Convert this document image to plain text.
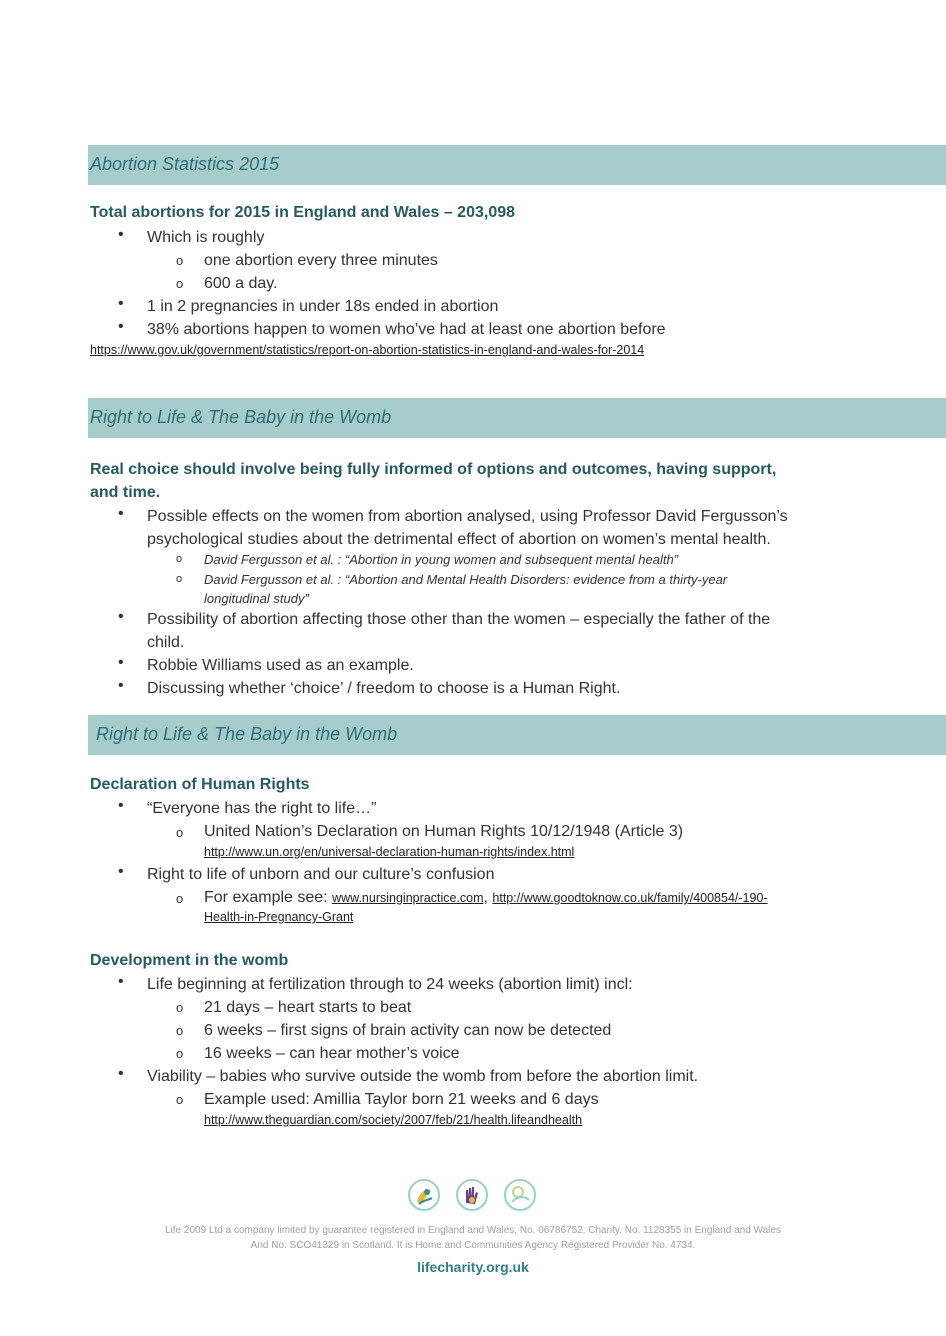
Abortion Statistics 2015
Total abortions for 2015 in England and Wales – 203,098
• Which is roughly
o one abortion every three minutes
o 600 a day.
• 1 in 2 pregnancies in under 18s ended in abortion
• 38% abortions happen to women who’ve had at least one abortion before
https://www.gov.uk/government/statistics/report-on-abortion-statistics-in-england-and-wales-for-2014
Right to Life & The Baby in the Womb
Real choice should involve being fully informed of options and outcomes, having support,
and time.
• Possible effects on the women from abortion analysed, using Professor David Fergusson’s
psychological studies about the detrimental effect of abortion on women’s mental health.
o David Fergusson et al. : “Abortion in young women and subsequent mental health”
o David Fergusson et al. : “Abortion and Mental Health Disorders: evidence from a thirty-year
longitudinal study”
• Possibility of abortion affecting those other than the women – especially the father of the
child.
• Robbie Williams used as an example.
• Discussing whether ‘choice’ / freedom to choose is a Human Right.
Right to Life & The Baby in the Womb
Declaration of Human Rights
• “Everyone has the right to life…”
o United Nation’s Declaration on Human Rights 10/12/1948 (Article 3)
http://www.un.org/en/universal-declaration-human-rights/index.html
• Right to life of unborn and our culture’s confusion
o For example see: www.nursinginpractice.com, http://www.goodtoknow.co.uk/family/400854/-190-
Health-in-Pregnancy-Grant
Development in the womb
• Life beginning at fertilization through to 24 weeks (abortion limit) incl:
o 21 days – heart starts to beat
o 6 weeks – first signs of brain activity can now be detected
o 16 weeks – can hear mother’s voice
• Viability – babies who survive outside the womb from before the abortion limit.
o Example used: Amillia Taylor born 21 weeks and 6 days
http://www.theguardian.com/society/2007/feb/21/health.lifeandhealth
Life 2009 Ltd a company limited by guarantee registered in England and Wales, No. 06786752. Charity. No. 1128355 in England and Wales
And No. SCO41329 in Scotland. It is Home and Communities Agency Registered Provider No. 4734.
lifecharity.org.uk
